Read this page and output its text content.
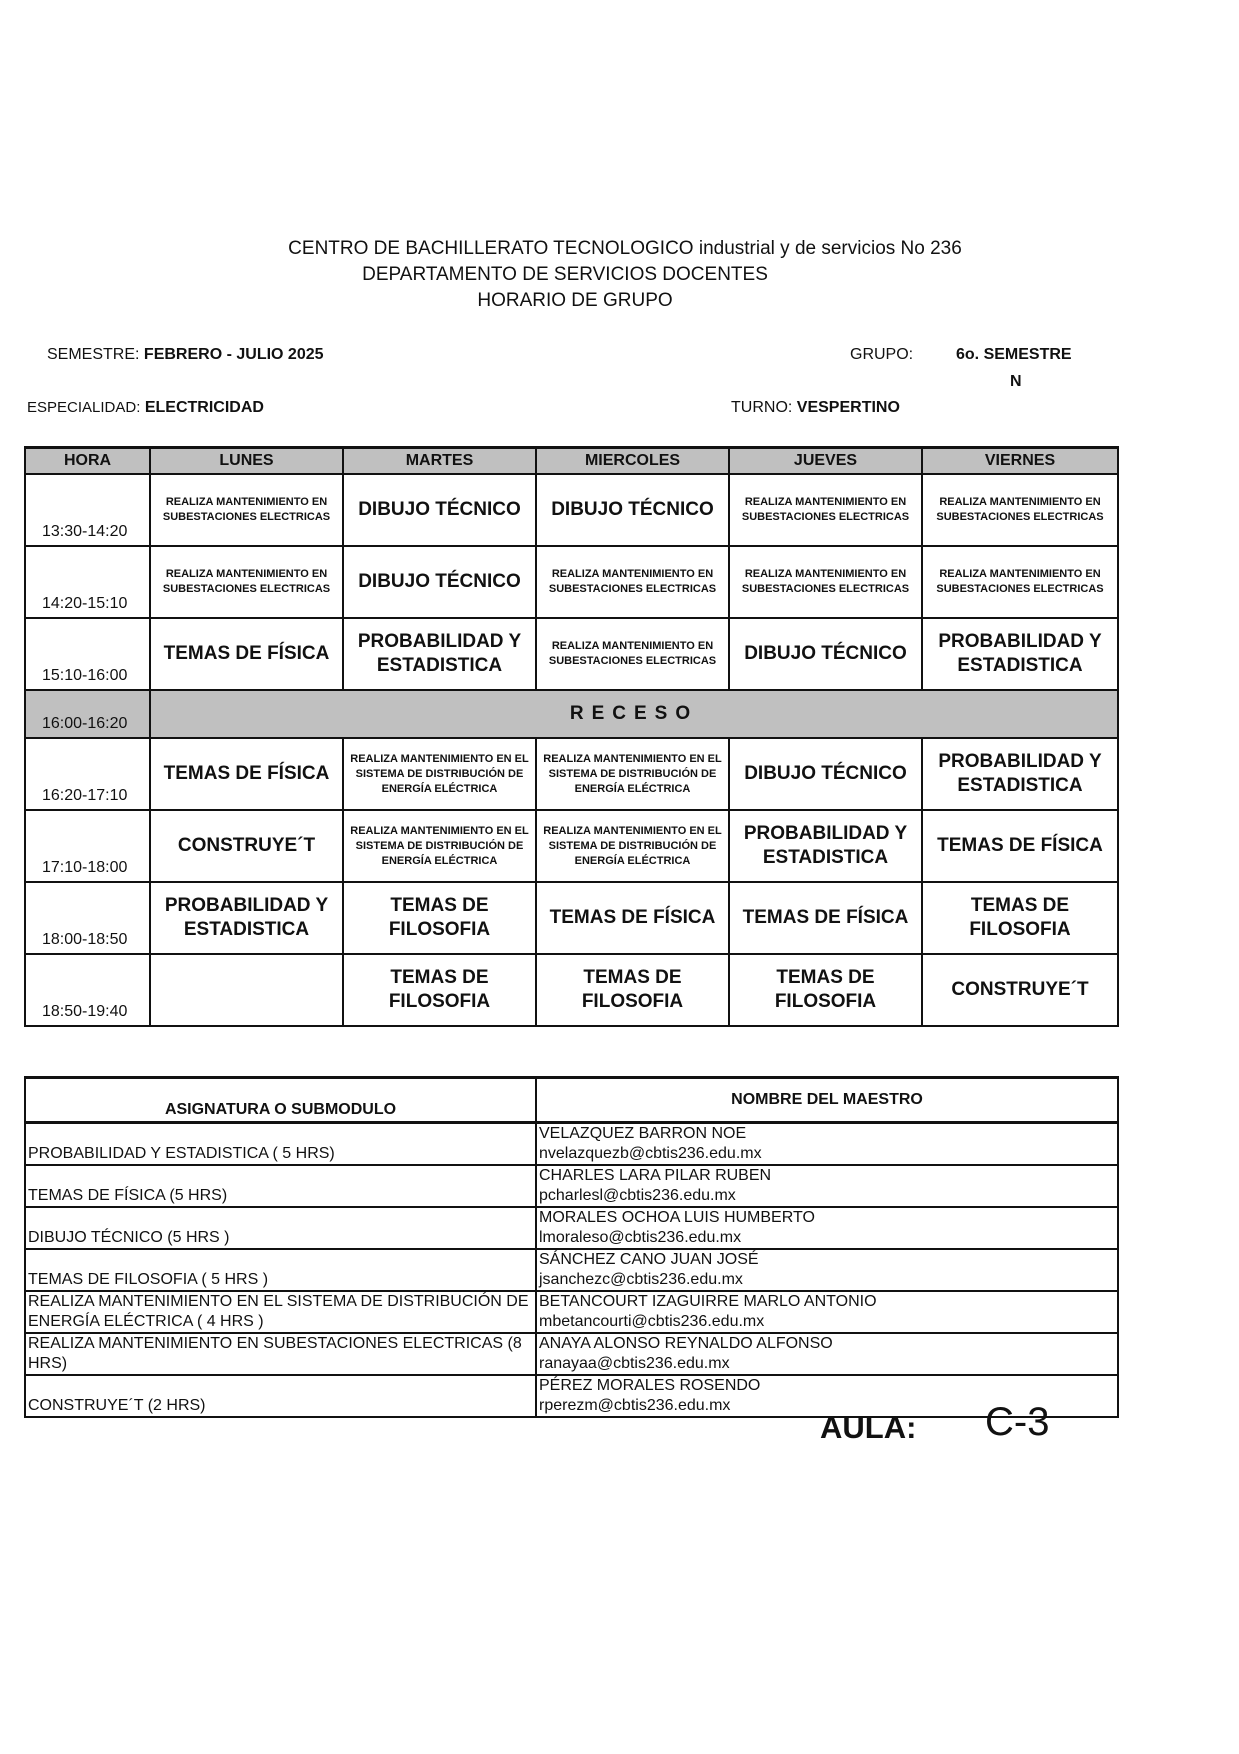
CENTRO DE BACHILLERATO TECNOLOGICO industrial y de servicios No 236
DEPARTAMENTO DE SERVICIOS DOCENTES
HORARIO DE GRUPO
SEMESTRE: FEBRERO - JULIO 2025	GRUPO:	6o. SEMESTRE
N
ESPECIALIDAD: ELECTRICIDAD	TURNO: VESPERTINO
HORA	LUNES	MARTES	MIERCOLES	JUEVES	VIERNES

13:30-14:20	REALIZA MANTENIMIENTO EN SUBESTACIONES ELECTRICAS	DIBUJO TÉCNICO	DIBUJO TÉCNICO	REALIZA MANTENIMIENTO EN SUBESTACIONES ELECTRICAS	REALIZA MANTENIMIENTO EN SUBESTACIONES ELECTRICAS

14:20-15:10	REALIZA MANTENIMIENTO EN SUBESTACIONES ELECTRICAS	DIBUJO TÉCNICO	REALIZA MANTENIMIENTO EN SUBESTACIONES ELECTRICAS	REALIZA MANTENIMIENTO EN SUBESTACIONES ELECTRICAS	REALIZA MANTENIMIENTO EN SUBESTACIONES ELECTRICAS

15:10-16:00	TEMAS DE FÍSICA	PROBABILIDAD Y ESTADISTICA	REALIZA MANTENIMIENTO EN SUBESTACIONES ELECTRICAS	DIBUJO TÉCNICO	PROBABILIDAD Y ESTADISTICA

16:00-16:20	RECESO				

16:20-17:10	TEMAS DE FÍSICA	REALIZA MANTENIMIENTO EN EL SISTEMA DE DISTRIBUCIÓN DE ENERGÍA ELÉCTRICA	REALIZA MANTENIMIENTO EN EL SISTEMA DE DISTRIBUCIÓN DE ENERGÍA ELÉCTRICA	DIBUJO TÉCNICO	PROBABILIDAD Y ESTADISTICA

17:10-18:00	CONSTRUYE´T	REALIZA MANTENIMIENTO EN EL SISTEMA DE DISTRIBUCIÓN DE ENERGÍA ELÉCTRICA	REALIZA MANTENIMIENTO EN EL SISTEMA DE DISTRIBUCIÓN DE ENERGÍA ELÉCTRICA	PROBABILIDAD Y ESTADISTICA	TEMAS DE FÍSICA

18:00-18:50	PROBABILIDAD Y ESTADISTICA	TEMAS DE FILOSOFIA	TEMAS DE FÍSICA	TEMAS DE FÍSICA	TEMAS DE FILOSOFIA

18:50-19:40		TEMAS DE FILOSOFIA	TEMAS DE FILOSOFIA	TEMAS DE FILOSOFIA	CONSTRUYE´T
ASIGNATURA O SUBMODULO	NOMBRE DEL MAESTRO
PROBABILIDAD Y ESTADISTICA ( 5 HRS)	VELAZQUEZ BARRON NOE
nvelazquezb@cbtis236.edu.mx

TEMAS DE FÍSICA (5 HRS)	CHARLES LARA PILAR RUBEN
pcharlesl@cbtis236.edu.mx

DIBUJO TÉCNICO (5 HRS )	MORALES OCHOA LUIS HUMBERTO
lmoraleso@cbtis236.edu.mx

TEMAS DE FILOSOFIA ( 5 HRS )	SÁNCHEZ CANO JUAN JOSÉ
jsanchezc@cbtis236.edu.mx

REALIZA MANTENIMIENTO EN EL SISTEMA DE DISTRIBUCIÓN DE ENERGÍA ELÉCTRICA ( 4 HRS )	BETANCOURT IZAGUIRRE MARLO ANTONIO
mbetancourti@cbtis236.edu.mx

REALIZA MANTENIMIENTO EN SUBESTACIONES ELECTRICAS (8 HRS)	ANAYA ALONSO REYNALDO ALFONSO
ranayaa@cbtis236.edu.mx

CONSTRUYE´T (2 HRS)	PÉREZ MORALES ROSENDO
rperezm@cbtis236.edu.mx
AULA: C-3
